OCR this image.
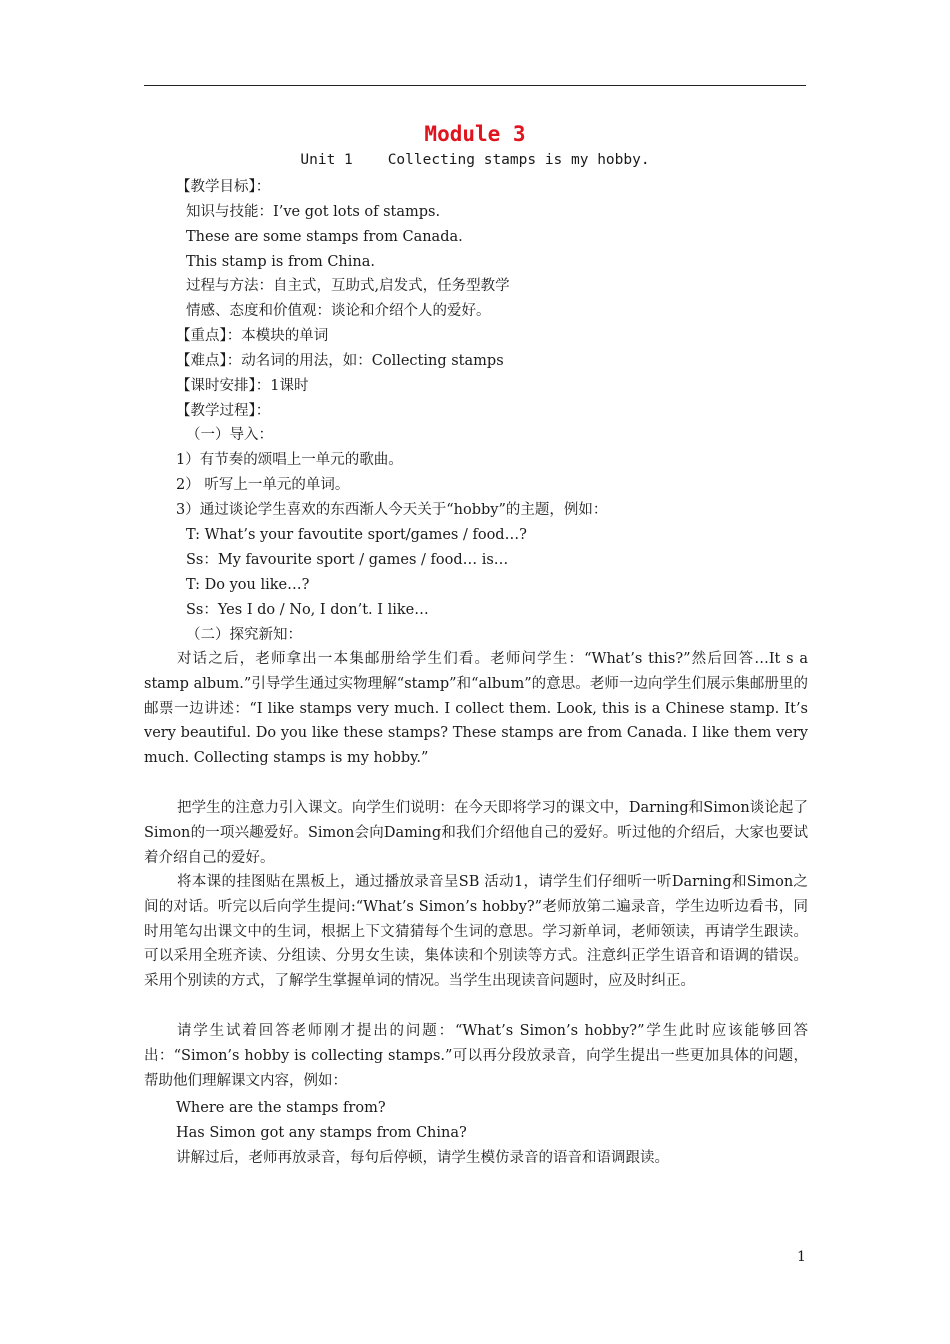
Module 3
Unit 1    Collecting stamps is my hobby.
【教学目标】：
知识与技能：I’ve got lots of stamps.
These are some stamps from Canada.
This stamp is from China.
过程与方法：自主式，互助式,启发式，任务型教学
情感、态度和价值观：谈论和介绍个人的爱好。
【重点】：本模块的单词
【难点】：动名词的用法，如：Collecting stamps
【课时安排】：1课时
【教学过程】：
（一）导入：
1）有节奏的颂唱上一单元的歌曲。
2） 听写上一单元的单词。
3）通过谈论学生喜欢的东西渐人今天关于“hobby”的主题，例如：
T: What’s your favoutite sport/games / food…?
Ss：My favourite sport / games / food… is…
T: Do you like…?
Ss：Yes I do / No, I don’t. I like…
（二）探究新知：
对话之后，老师拿出一本集邮册给学生们看。老师问学生：“What’s this?”然后回答…It s a stamp album.”引导学生通过实物理解“stamp”和“album”的意思。老师一边向学生们展示集邮册里的邮票一边讲述：“I like stamps very much. I collect them. Look, this is a Chinese stamp. It’s very beautiful. Do you like these stamps? These stamps are from Canada. I like them very much. Collecting stamps is my hobby.”
把学生的注意力引入课文。向学生们说明：在今天即将学习的课文中，Darning和Simon谈论起了Simon的一项兴趣爱好。Simon会向Daming和我们介绍他自己的爱好。听过他的介绍后，大家也要试着介绍自己的爱好。
将本课的挂图贴在黑板上，通过播放录音呈SB 活动1，请学生们仔细听一听Darning和Simon之间的对话。听完以后向学生提问:“What’s Simon’s hobby?”老师放第二遍录音，学生边听边看书，同时用笔勾出课文中的生词，根据上下文猜猜每个生词的意思。学习新单词，老师领读，再请学生跟读。可以采用全班齐读、分组读、分男女生读，集体读和个别读等方式。注意纠正学生语音和语调的错误。采用个别读的方式，了解学生掌握单词的情况。当学生出现读音问题时，应及时纠正。
请学生试着回答老师刚才提出的问题：“What’s Simon’s hobby?”学生此时应该能够回答出：“Simon’s hobby is collecting stamps.”可以再分段放录音，向学生提出一些更加具体的问题，帮助他们理解课文内容，例如：
Where are the stamps from?
Has Simon got any stamps from China?
讲解过后，老师再放录音，每句后停顿，请学生模仿录音的语音和语调跟读。
1
